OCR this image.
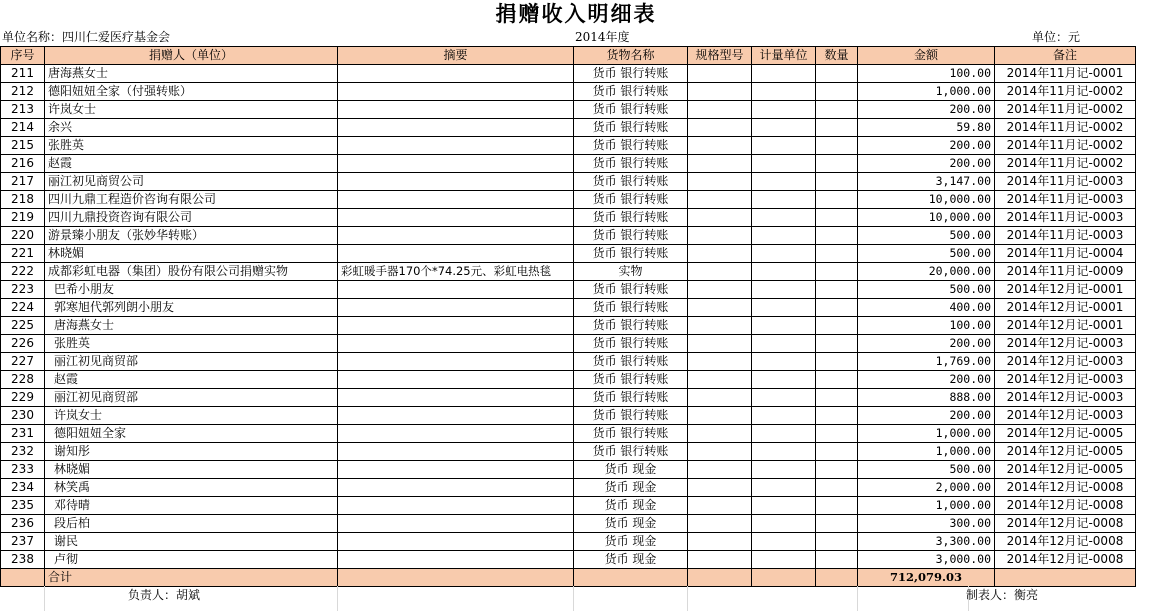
捐赠收入明细表
单位名称：四川仁爱医疗基金会	2014年度	单位：元
序号	捐赠人（单位）	摘要	货物名称	规格型号	计量单位	数量	金额	备注
211	唐海燕女士		货币 银行转账				100.00	2014年11月记-0001
212	德阳妞妞全家（付强转账）		货币 银行转账				1,000.00	2014年11月记-0002
213	许岚女士		货币 银行转账				200.00	2014年11月记-0002
214	余兴		货币 银行转账				59.80	2014年11月记-0002
215	张胜英		货币 银行转账				200.00	2014年11月记-0002
216	赵霞		货币 银行转账				200.00	2014年11月记-0002
217	丽江初见商贸公司		货币 银行转账				3,147.00	2014年11月记-0003
218	四川九鼎工程造价咨询有限公司		货币 银行转账				10,000.00	2014年11月记-0003
219	四川九鼎投资咨询有限公司		货币 银行转账				10,000.00	2014年11月记-0003
220	游景臻小朋友（张妙华转账）		货币 银行转账				500.00	2014年11月记-0003
221	林晓媚		货币 银行转账				500.00	2014年11月记-0004
222	成都彩虹电器（集团）股份有限公司捐赠实物	彩虹暖手器170个*74.25元、彩虹电热毯	实物				20,000.00	2014年11月记-0009
223	巴希小朋友		货币 银行转账				500.00	2014年12月记-0001
224	郭寒旭代郭列朗小朋友		货币 银行转账				400.00	2014年12月记-0001
225	唐海燕女士		货币 银行转账				100.00	2014年12月记-0001
226	张胜英		货币 银行转账				200.00	2014年12月记-0003
227	丽江初见商贸部		货币 银行转账				1,769.00	2014年12月记-0003
228	赵霞		货币 银行转账				200.00	2014年12月记-0003
229	丽江初见商贸部		货币 银行转账				888.00	2014年12月记-0003
230	许岚女士		货币 银行转账				200.00	2014年12月记-0003
231	德阳妞妞全家		货币 银行转账				1,000.00	2014年12月记-0005
232	谢知彤		货币 银行转账				1,000.00	2014年12月记-0005
233	林晓媚		货币 现金				500.00	2014年12月记-0005
234	林笑禹		货币 现金				2,000.00	2014年12月记-0008
235	邓待晴		货币 现金				1,000.00	2014年12月记-0008
236	段后柏		货币 现金				300.00	2014年12月记-0008
237	谢民		货币 现金				3,300.00	2014年12月记-0008
238	卢彻		货币 现金				3,000.00	2014年12月记-0008
	合计						712,079.03	
负责人：胡斌	制表人：衡亮
